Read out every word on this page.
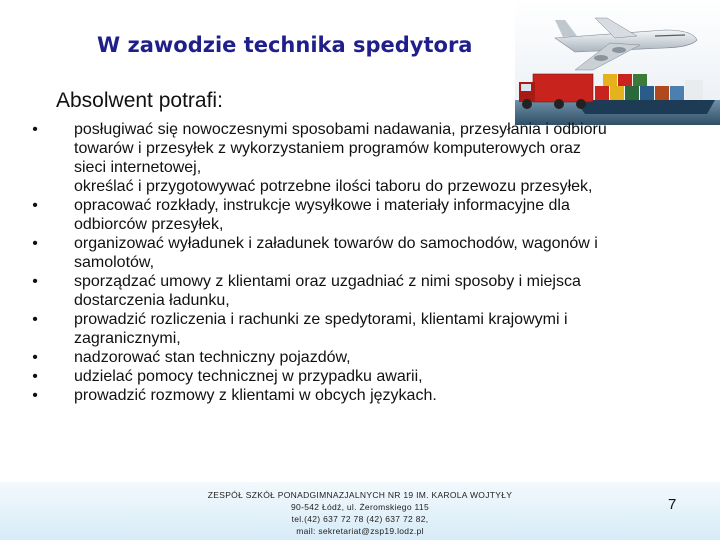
W zawodzie technika spedytora
Absolwent potrafi:
• posługiwać się nowoczesnymi sposobami nadawania, przesyłania i odbioru
towarów i przesyłek z wykorzystaniem programów komputerowych oraz
sieci internetowej,
określać i przygotowywać potrzebne ilości taboru do przewozu przesyłek,
• opracować rozkłady, instrukcje wysyłkowe i materiały informacyjne dla
odbiorców przesyłek,
• organizować wyładunek i załadunek towarów do samochodów, wagonów i
samolotów,
• sporządzać umowy z klientami oraz uzgadniać z nimi sposoby i miejsca
dostarczenia ładunku,
• prowadzić rozliczenia i rachunki ze spedytorami, klientami krajowymi i
zagranicznymi,
• nadzorować stan techniczny pojazdów,
• udzielać pomocy technicznej w przypadku awarii,
• prowadzić rozmowy z klientami w obcych językach.
ZESPÓŁ SZKÓŁ PONADGIMNAZJALNYCH NR 19 IM. KAROLA WOJTYŁY
90-542 Łódź, ul. Żeromskiego 115
tel.(42) 637 72 78 (42) 637 72 82,
mail: sekretariat@zsp19.lodz.pl
7
